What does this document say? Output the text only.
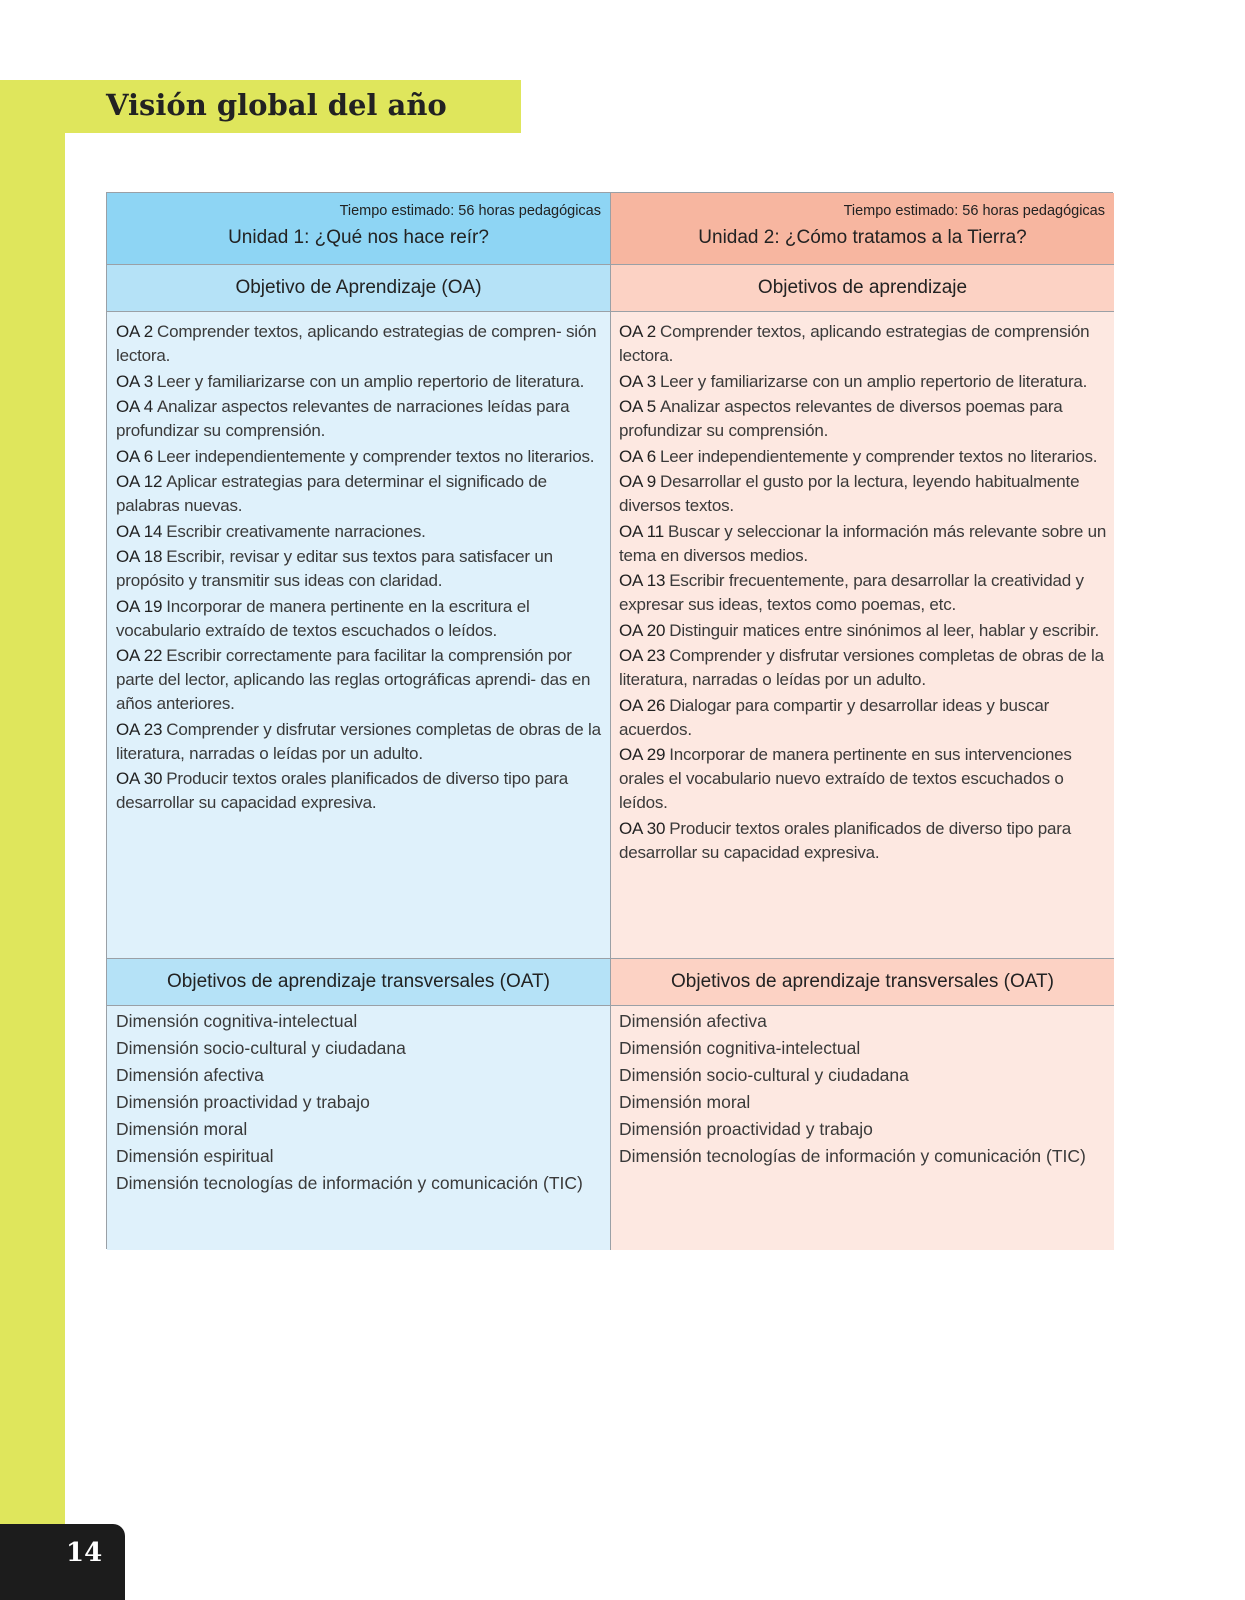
Visión global del año
Tiempo estimado: 56 horas pedagógicas
Unidad 1: ¿Qué nos hace reír?
Tiempo estimado: 56 horas pedagógicas
Unidad 2: ¿Cómo tratamos a la Tierra?
Objetivo de Aprendizaje (OA)	Objetivos de aprendizaje
OA 2 Comprender textos, aplicando estrategias de compren- sión lectora.
OA 3 Leer y familiarizarse con un amplio repertorio de literatura.
OA 4 Analizar aspectos relevantes de narraciones leídas para profundizar su comprensión.
OA 6 Leer independientemente y comprender textos no literarios.
OA 12 Aplicar estrategias para determinar el significado de palabras nuevas.
OA 14 Escribir creativamente narraciones.
OA 18 Escribir, revisar y editar sus textos para satisfacer un propósito y transmitir sus ideas con claridad.
OA 19 Incorporar de manera pertinente en la escritura el vocabulario extraído de textos escuchados o leídos.
OA 22 Escribir correctamente para facilitar la comprensión por parte del lector, aplicando las reglas ortográficas aprendi- das en años anteriores.
OA 23 Comprender y disfrutar versiones completas de obras de la literatura, narradas o leídas por un adulto.
OA 30 Producir textos orales planificados de diverso tipo para desarrollar su capacidad expresiva.
OA 2 Comprender textos, aplicando estrategias de comprensión lectora.
OA 3 Leer y familiarizarse con un amplio repertorio de literatura.
OA 5 Analizar aspectos relevantes de diversos poemas para profundizar su comprensión.
OA 6 Leer independientemente y comprender textos no literarios.
OA 9 Desarrollar el gusto por la lectura, leyendo habitualmente diversos textos.
OA 11 Buscar y seleccionar la información más relevante sobre un tema en diversos medios.
OA 13 Escribir frecuentemente, para desarrollar la creatividad y expresar sus ideas, textos como poemas, etc.
OA 20 Distinguir matices entre sinónimos al leer, hablar y escribir.
OA 23 Comprender y disfrutar versiones completas de obras de la literatura, narradas o leídas por un adulto.
OA 26 Dialogar para compartir y desarrollar ideas y buscar acuerdos.
OA 29 Incorporar de manera pertinente en sus intervenciones orales el vocabulario nuevo extraído de textos escuchados o leídos.
OA 30 Producir textos orales planificados de diverso tipo para desarrollar su capacidad expresiva.
Objetivos de aprendizaje transversales (OAT)	Objetivos de aprendizaje transversales (OAT)
Dimensión cognitiva-intelectual
Dimensión socio-cultural y ciudadana
Dimensión afectiva
Dimensión proactividad y trabajo
Dimensión moral
Dimensión espiritual
Dimensión tecnologías de información y comunicación (TIC)
Dimensión afectiva
Dimensión cognitiva-intelectual
Dimensión socio-cultural y ciudadana
Dimensión moral
Dimensión proactividad y trabajo
Dimensión tecnologías de información y comunicación (TIC)
14
